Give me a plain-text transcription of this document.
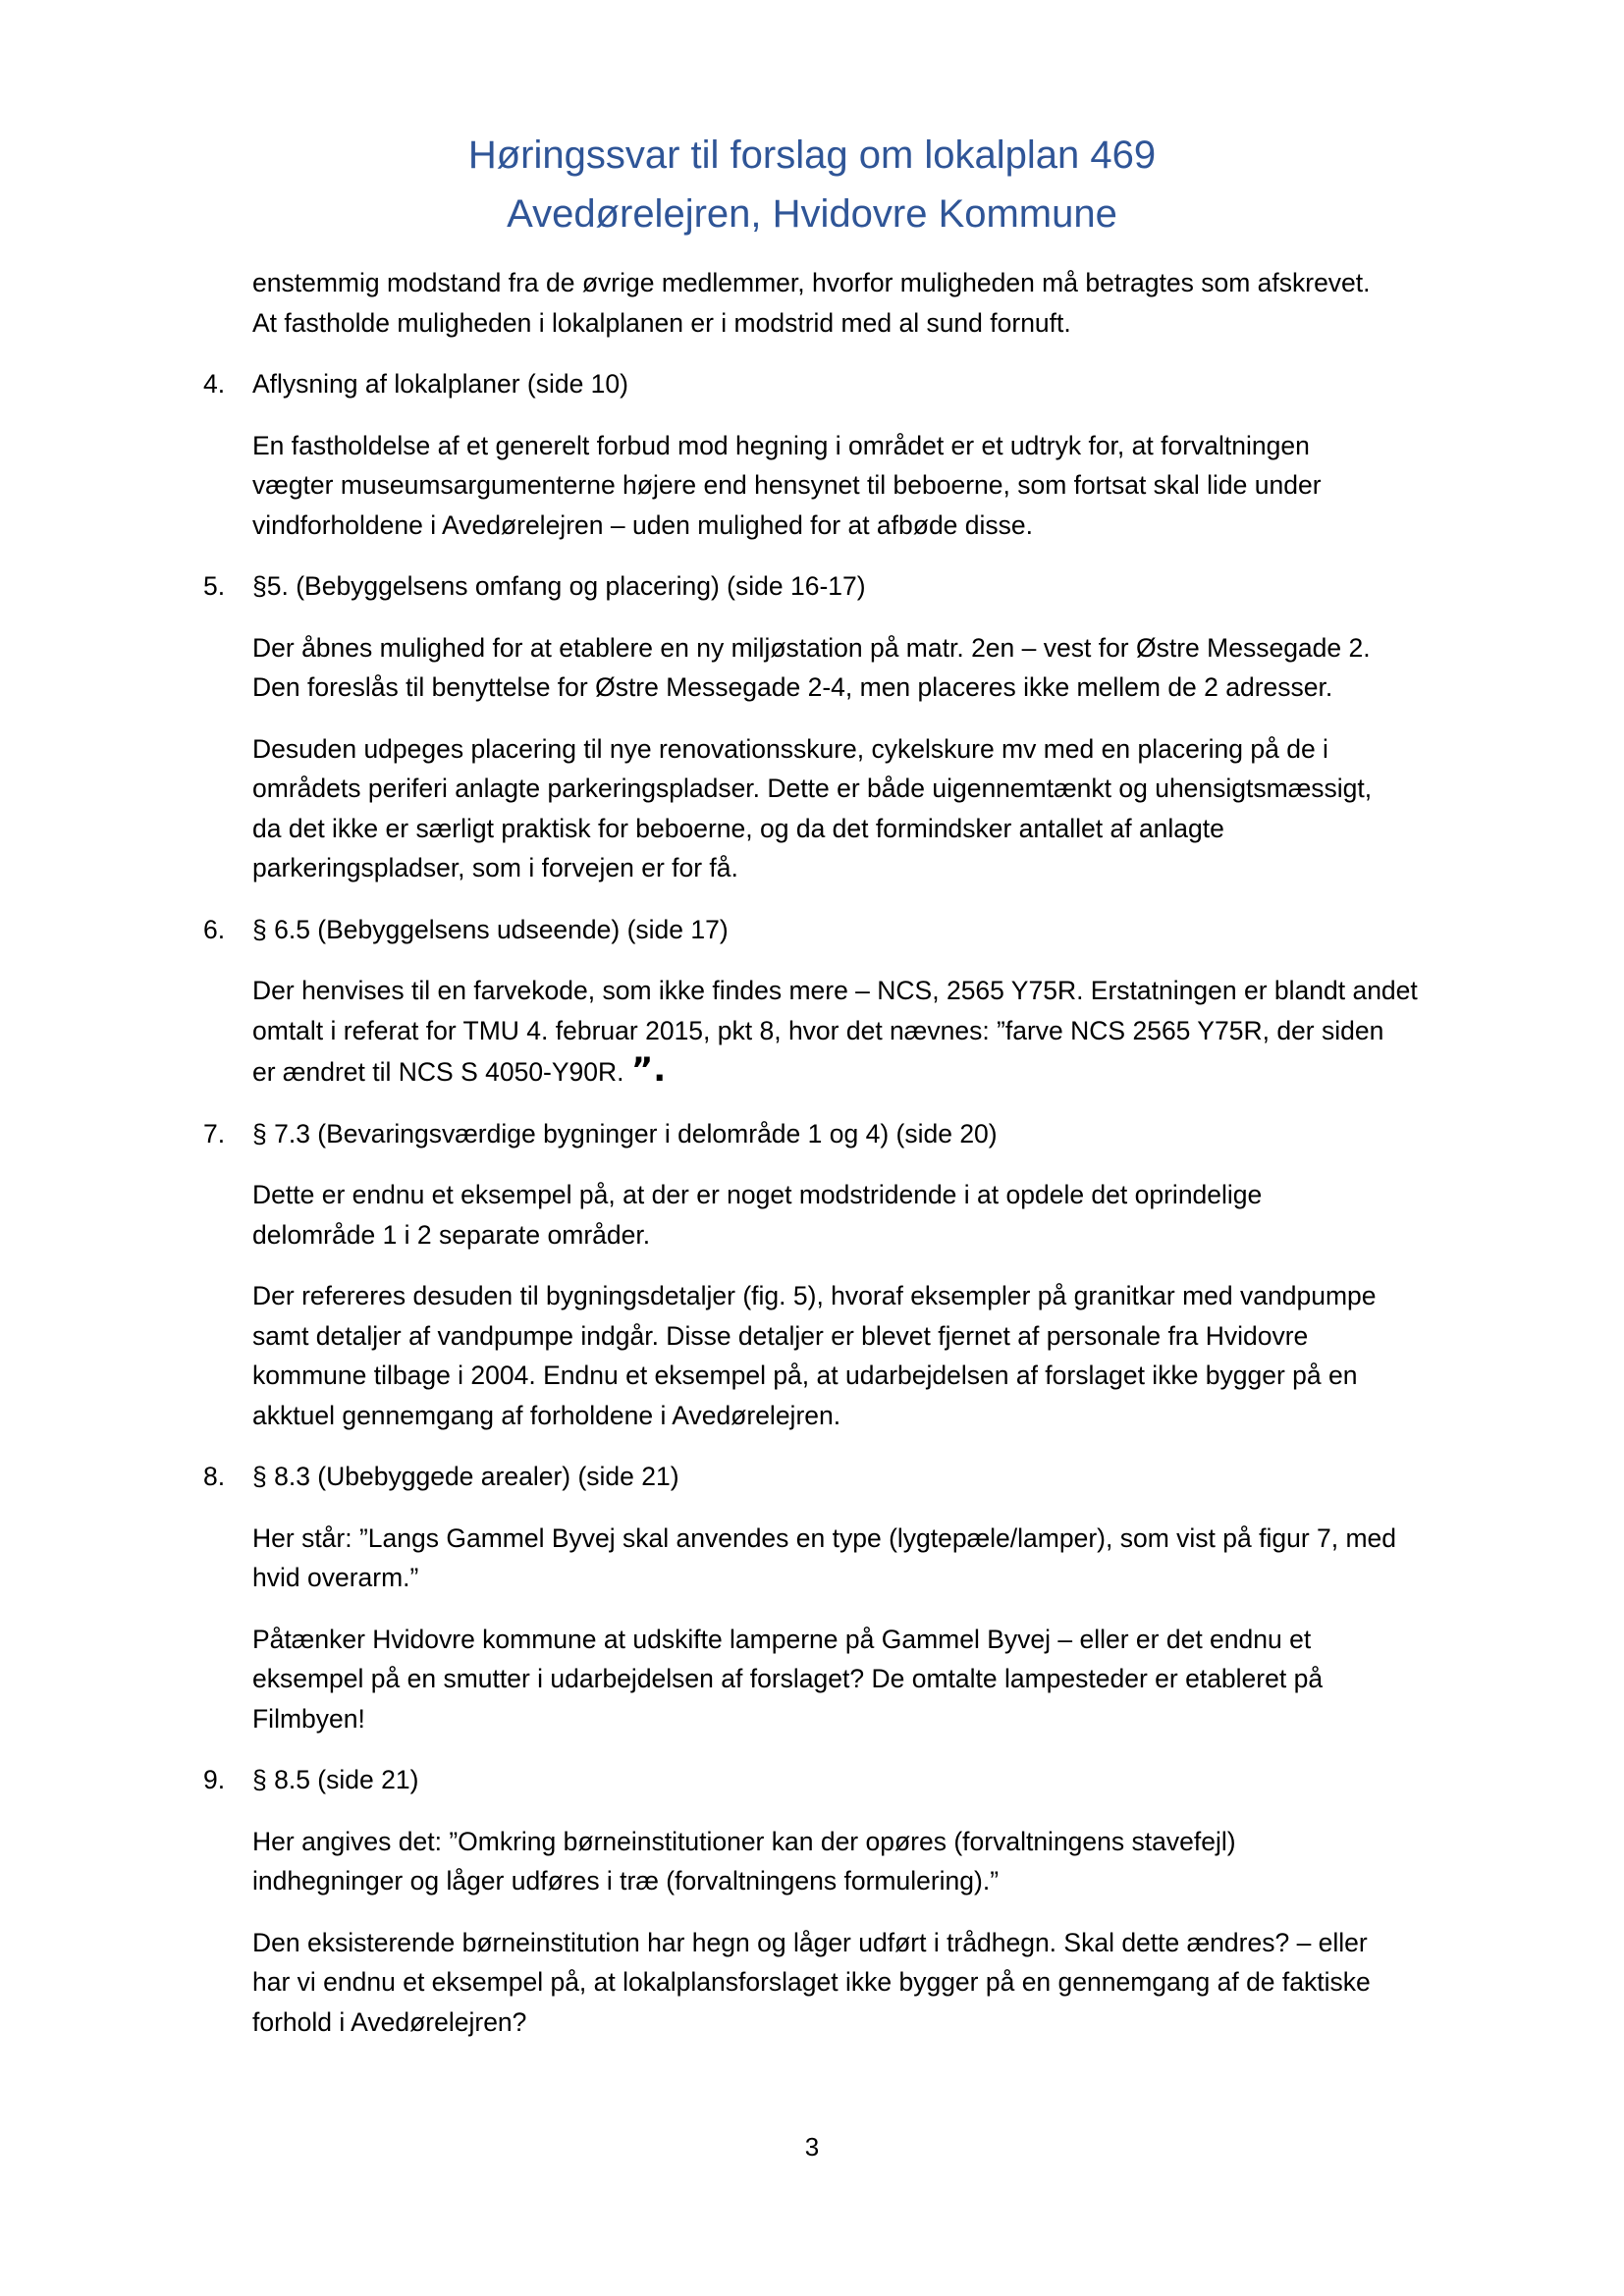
Høringssvar til forslag om lokalplan 469
Avedørelejren, Hvidovre Kommune
enstemmig modstand fra de øvrige medlemmer, hvorfor muligheden må betragtes som afskrevet.
At fastholde muligheden i lokalplanen er i modstrid med al sund fornuft.
4. Aflysning af lokalplaner (side 10)
En fastholdelse af et generelt forbud mod hegning i området er et udtryk for, at forvaltningen
vægter museumsargumenterne højere end hensynet til beboerne, som fortsat skal lide under
vindforholdene i Avedørelejren – uden mulighed for at afbøde disse.
5. §5. (Bebyggelsens omfang og placering) (side 16-17)
Der åbnes mulighed for at etablere en ny miljøstation på matr. 2en – vest for Østre Messegade 2.
Den foreslås til benyttelse for Østre Messegade 2-4, men placeres ikke mellem de 2 adresser.
Desuden udpeges placering til nye renovationsskure, cykelskure mv med en placering på de i
områdets periferi anlagte parkeringspladser. Dette er både uigennemtænkt og uhensigtsmæssigt,
da det ikke er særligt praktisk for beboerne, og da det formindsker antallet af anlagte
parkeringspladser, som i forvejen er for få.
6. § 6.5 (Bebyggelsens udseende) (side 17)
Der henvises til en farvekode, som ikke findes mere – NCS, 2565 Y75R. Erstatningen er blandt andet
omtalt i referat for TMU 4. februar 2015, pkt 8, hvor det nævnes: ”farve NCS 2565 Y75R, der siden
er ændret til NCS S 4050-Y90R. ”.
7. § 7.3 (Bevaringsværdige bygninger i delområde 1 og 4) (side 20)
Dette er endnu et eksempel på, at der er noget modstridende i at opdele det oprindelige
delområde 1 i 2 separate områder.
Der refereres desuden til bygningsdetaljer (fig. 5), hvoraf eksempler på granitkar med vandpumpe
samt detaljer af vandpumpe indgår. Disse detaljer er blevet fjernet af personale fra Hvidovre
kommune tilbage i 2004. Endnu et eksempel på, at udarbejdelsen af forslaget ikke bygger på en
akktuel gennemgang af forholdene i Avedørelejren.
8. § 8.3 (Ubebyggede arealer) (side 21)
Her står: ”Langs Gammel Byvej skal anvendes en type (lygtepæle/lamper), som vist på figur 7, med
hvid overarm.”
Påtænker Hvidovre kommune at udskifte lamperne på Gammel Byvej – eller er det endnu et
eksempel på en smutter i udarbejdelsen af forslaget? De omtalte lampesteder er etableret på
Filmbyen!
9. § 8.5 (side 21)
Her angives det: ”Omkring børneinstitutioner kan der opøres (forvaltningens stavefejl)
indhegninger og låger udføres i træ (forvaltningens formulering).”
Den eksisterende børneinstitution har hegn og låger udført i trådhegn. Skal dette ændres? – eller
har vi endnu et eksempel på, at lokalplansforslaget ikke bygger på en gennemgang af de faktiske
forhold i Avedørelejren?
3
